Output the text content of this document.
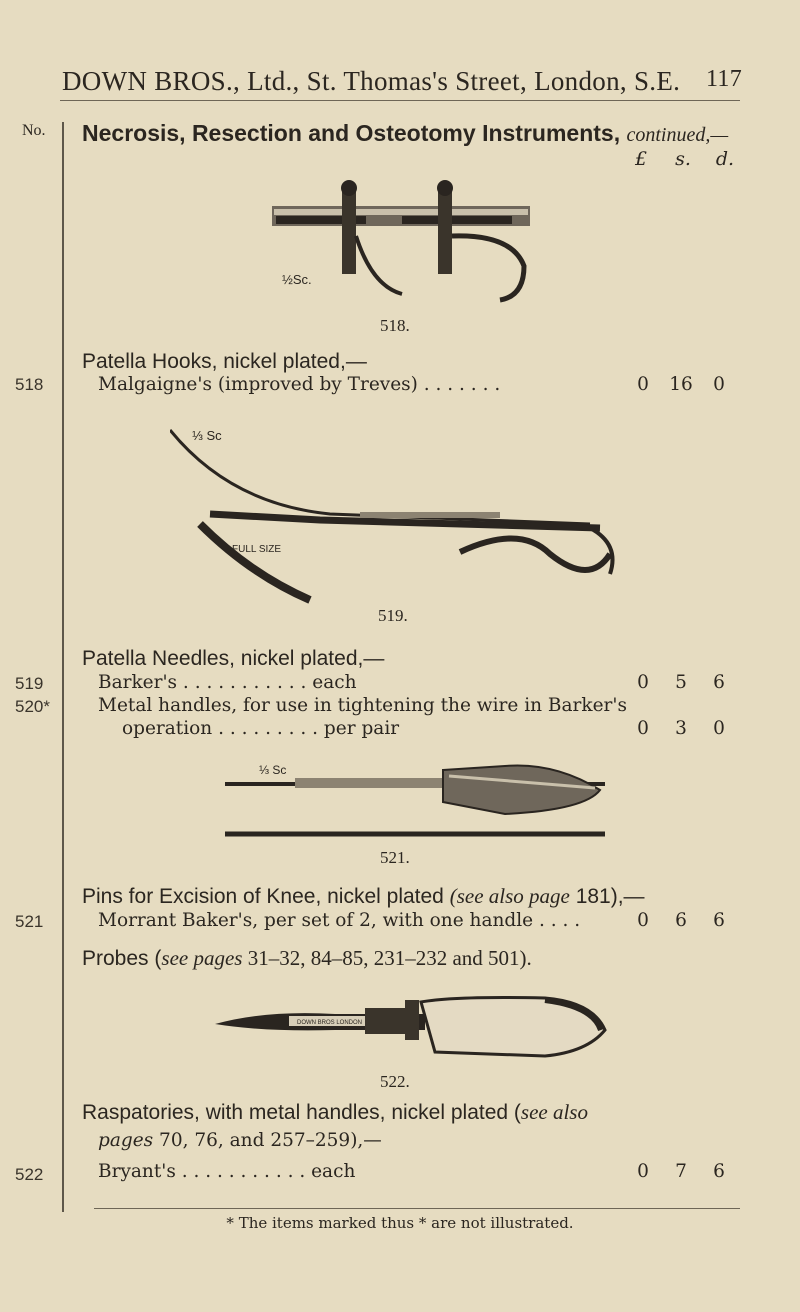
DOWN BROS., Ltd., St. Thomas's Street, London, S.E. 117
No. Necrosis, Resection and Osteotomy Instruments, continued,—
£ s. d.
½Sc.
518.
Patella Hooks, nickel plated,—
518	Malgaigne's (improved by Treves) . . . . . . .	0 16 0
⅓ Sc
FULL SIZE
519.
Patella Needles, nickel plated,—
519	Barker's . . . . . . . . . . . each	0 5 6
520*	Metal handles, for use in tightening the wire in Barker's
operation . . . . . . . . . per pair	0 3 0
⅓ Sc
521.
Pins for Excision of Knee, nickel plated (see also page 181),—
521	Morrant Baker's, per set of 2, with one handle . . . .	0 6 6
Probes (see pages 31–32, 84–85, 231–232 and 501).
DOWN BROS LONDON
522.
Raspatories, with metal handles, nickel plated (see also
pages 70, 76, and 257–259),—
522	Bryant's . . . . . . . . . . . each	0 7 6
* The items marked thus * are not illustrated.
